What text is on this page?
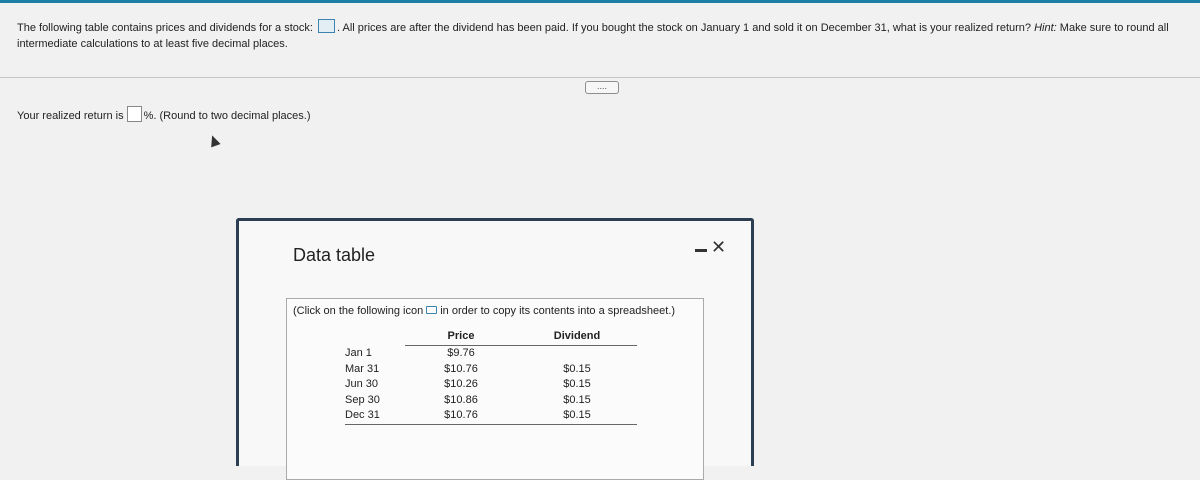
The following table contains prices and dividends for a stock: . All prices are after the dividend has been paid. If you bought the stock on January 1 and sold it on December 31, what is your realized return? Hint: Make sure to round all
intermediate calculations to at least five decimal places.
....
Your realized return is %. (Round to two decimal places.)
Data table	✕
(Click on the following icon in order to copy its contents into a spreadsheet.)
	Price	Dividend
Jan 1	$9.76	
Mar 31	$10.76	$0.15
Jun 30	$10.26	$0.15
Sep 30	$10.86	$0.15
Dec 31	$10.76	$0.15
